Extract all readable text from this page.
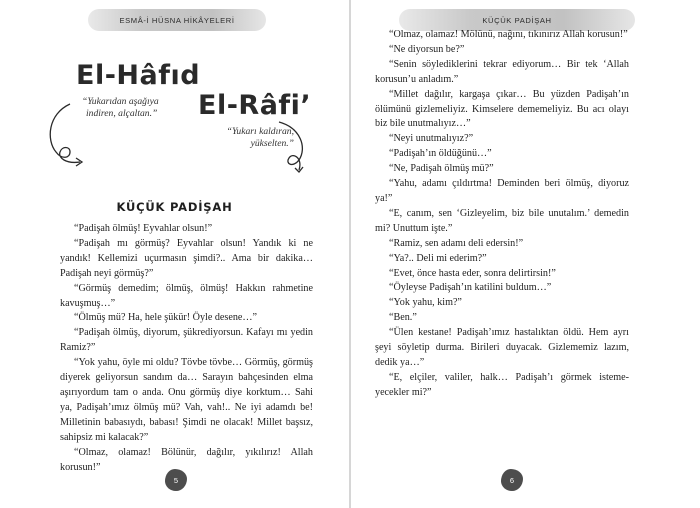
ESMÂ-İ HÜSNA HİKÂYELERİ
El-Hâfıd
“Yukarıdan aşağıya
indiren, alçaltan.”	El-Râfi’
“Yukarı kaldıran,
yükselten.”
KÜÇÜK PADİŞAH

“Padişah ölmüş! Eyvahlar olsun!”

“Padişah mı görmüş? Eyvahlar olsun! Yandık ki ne yandık! Kellemizi uçurmasın şimdi?.. Ama bir dakika… Padişah neyi görmüş?”

“Görmüş demedim; ölmüş, ölmüş! Hakkın rahmetine kavuşmuş…”

“Ölmüş mü? Ha, hele şükür! Öyle desene…”

“Padişah ölmüş, diyorum, şükrediyorsun. Kafayı mı yedin Ramiz?”

“Yok yahu, öyle mi oldu? Tövbe tövbe… Görmüş, görmüş diyerek geliyorsun sandım da… Sarayın bahçesinden elma aşırıyordum tam o anda. Onu görmüş diye korktum… Sahi ya, Padişah’ımız ölmüş mü? Vah, vah!.. Ne iyi adamdı be! Milletinin babasıydı, babası! Şimdi ne olacak! Millet başsız, sahipsiz mi kalacak?”

“Olmaz, olamaz! Bölünür, dağılır, yıkılırız! Allah korusun!”

5
KÜÇÜK PADİŞAH

“Olmaz, olamaz! Mölünü, nağını, tıkınırız Allah korusun!”

“Ne diyorsun be?”

“Senin söylediklerini tekrar ediyorum… Bir tek ‘Allah korusun’u anladım.”

“Millet dağılır, kargaşa çıkar… Bu yüzden Padişah’ın ölümünü gizlemeliyiz. Kimselere dememeliyiz. Bu acı olayı biz bile unutmalıyız…”

“Neyi unutmalıyız?”

“Padişah’ın öldüğünü…”

“Ne, Padişah ölmüş mü?”

“Yahu, adamı çıldırtma! Deminden beri ölmüş, diyoruz ya!”

“E, canım, sen ‘Gizleyelim, biz bile unutalım.’ demedin mi? Unuttum işte.”

“Ramiz, sen adamı deli edersin!”

“Ya?.. Deli mi ederim?”

“Evet, önce hasta eder, sonra delirtirsin!”

“Öyleyse Padişah’ın katilini buldum…”

“Yok yahu, kim?”

“Ben.”

“Ülen kestane! Padişah’ımız hastalıktan öldü. Hem ayrı şeyi söyletip durma. Birileri duyacak. Gizlememiz lazım, dedik ya…”

“E, elçiler, valiler, halk… Padişah’ı görmek istemeyecekler mi?”

6
